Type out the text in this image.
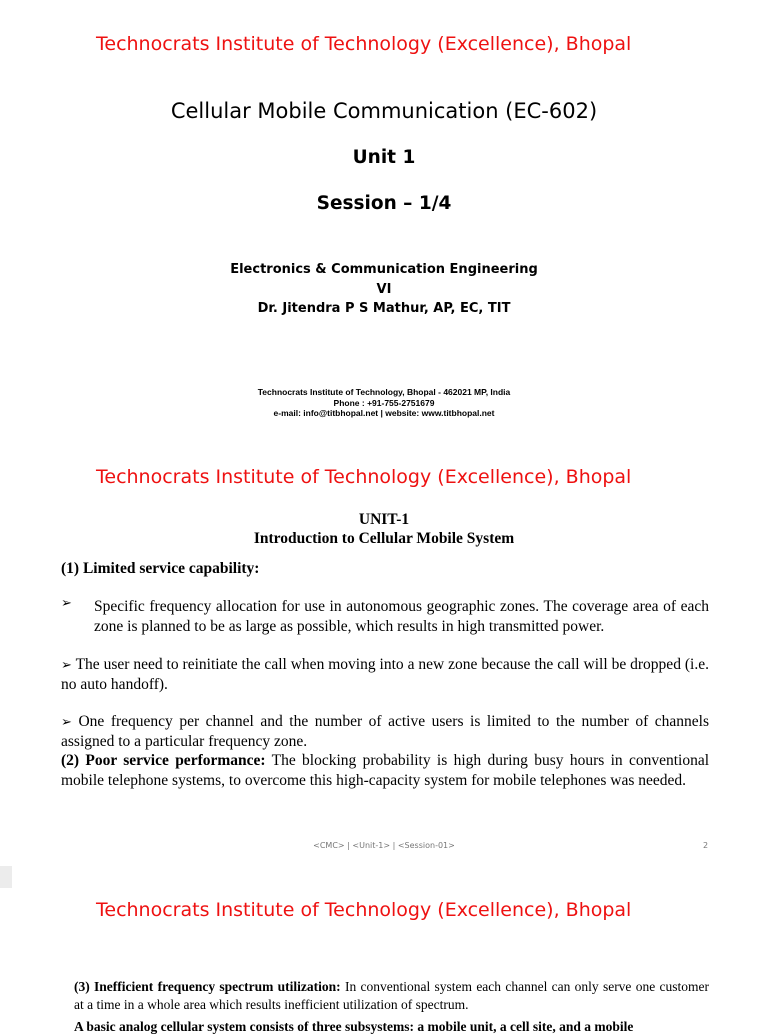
Technocrats Institute of Technology (Excellence), Bhopal
Cellular Mobile Communication (EC-602)
Unit 1
Session – 1/4
Electronics & Communication Engineering
VI
Dr. Jitendra P S Mathur, AP, EC, TIT
Technocrats Institute of Technology, Bhopal - 462021 MP, India
Phone : +91-755-2751679
e-mail: info@titbhopal.net | website: www.titbhopal.net
Technocrats Institute of Technology (Excellence), Bhopal
UNIT-1
Introduction to Cellular Mobile System
(1) Limited service capability:
➢ Specific frequency allocation for use in autonomous geographic zones. The coverage area of each zone is planned to be as large as possible, which results in high transmitted power.
➢ The user need to reinitiate the call when moving into a new zone because the call will be dropped (i.e. no auto handoff).
➢ One frequency per channel and the number of active users is limited to the number of channels assigned to a particular frequency zone.
(2) Poor service performance: The blocking probability is high during busy hours in conventional mobile telephone systems, to overcome this high-capacity system for mobile telephones was needed.
<CMC> | <Unit-1> | <Session-01>	2
Technocrats Institute of Technology (Excellence), Bhopal
(3) Inefficient frequency spectrum utilization: In conventional system each channel can only serve one customer at a time in a whole area which results inefficient utilization of spectrum.
A basic analog cellular system consists of three subsystems: a mobile unit, a cell site, and a mobile
